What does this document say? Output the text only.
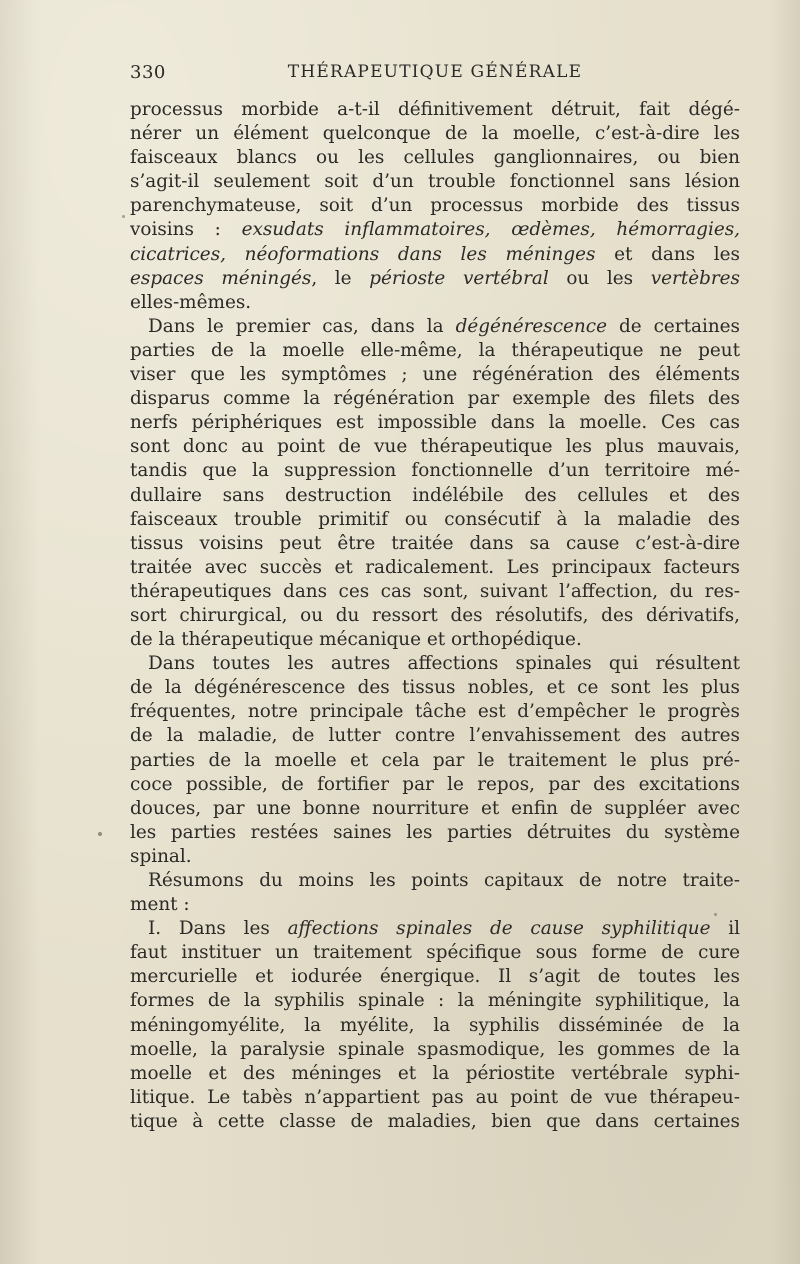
330	THÉRAPEUTIQUE GÉNÉRALE
processus morbide a-t-il définitivement détruit, fait dégé-
nérer un élément quelconque de la moelle, c’est-à-dire les
faisceaux blancs ou les cellules ganglionnaires, ou bien
s’agit-il seulement soit d’un trouble fonctionnel sans lésion
parenchymateuse, soit d’un processus morbide des tissus
voisins : exsudats inflammatoires, œdèmes, hémorragies,
cicatrices, néoformations dans les méninges et dans les
espaces méningés, le périoste vertébral ou les vertèbres
elles-mêmes.
Dans le premier cas, dans la dégénérescence de certaines
parties de la moelle elle-même, la thérapeutique ne peut
viser que les symptômes ; une régénération des éléments
disparus comme la régénération par exemple des filets des
nerfs périphériques est impossible dans la moelle. Ces cas
sont donc au point de vue thérapeutique les plus mauvais,
tandis que la suppression fonctionnelle d’un territoire mé-
dullaire sans destruction indélébile des cellules et des
faisceaux trouble primitif ou consécutif à la maladie des
tissus voisins peut être traitée dans sa cause c’est-à-dire
traitée avec succès et radicalement. Les principaux facteurs
thérapeutiques dans ces cas sont, suivant l’affection, du res-
sort chirurgical, ou du ressort des résolutifs, des dérivatifs,
de la thérapeutique mécanique et orthopédique.
Dans toutes les autres affections spinales qui résultent
de la dégénérescence des tissus nobles, et ce sont les plus
fréquentes, notre principale tâche est d’empêcher le progrès
de la maladie, de lutter contre l’envahissement des autres
parties de la moelle et cela par le traitement le plus pré-
coce possible, de fortifier par le repos, par des excitations
douces, par une bonne nourriture et enfin de suppléer avec
les parties restées saines les parties détruites du système
spinal.
Résumons du moins les points capitaux de notre traite-
ment :
I. Dans les affections spinales de cause syphilitique il
faut instituer un traitement spécifique sous forme de cure
mercurielle et iodurée énergique. Il s’agit de toutes les
formes de la syphilis spinale : la méningite syphilitique, la
méningomyélite, la myélite, la syphilis disséminée de la
moelle, la paralysie spinale spasmodique, les gommes de la
moelle et des méninges et la périostite vertébrale syphi-
litique. Le tabès n’appartient pas au point de vue thérapeu-
tique à cette classe de maladies, bien que dans certaines
